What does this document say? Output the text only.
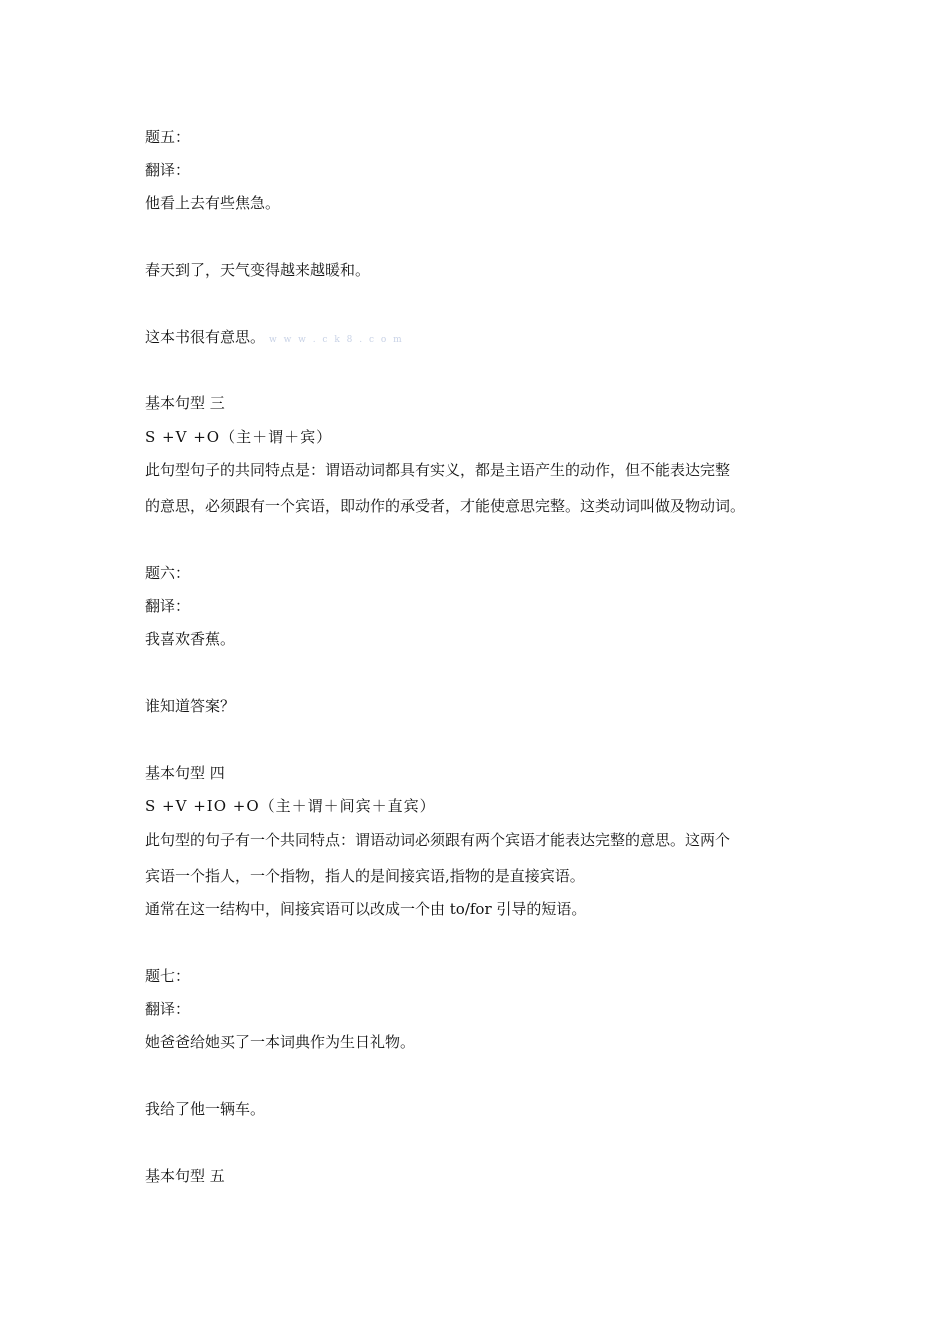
题五：
翻译：
他看上去有些焦急。
春天到了，天气变得越来越暖和。
这本书很有意思。 w w w . c k 8 . c o m
基本句型 三
S +V +O（主＋谓＋宾）
此句型句子的共同特点是：谓语动词都具有实义，都是主语产生的动作，但不能表达完整
的意思，必须跟有一个宾语，即动作的承受者，才能使意思完整。这类动词叫做及物动词。
题六：
翻译：
我喜欢香蕉。
谁知道答案？
基本句型 四
S +V +IO +O（主＋谓＋间宾＋直宾）
此句型的句子有一个共同特点：谓语动词必须跟有两个宾语才能表达完整的意思。这两个
宾语一个指人，一个指物，指人的是间接宾语,指物的是直接宾语。
通常在这一结构中，间接宾语可以改成一个由 to/for 引导的短语。
题七：
翻译：
她爸爸给她买了一本词典作为生日礼物。
我给了他一辆车。
基本句型 五
